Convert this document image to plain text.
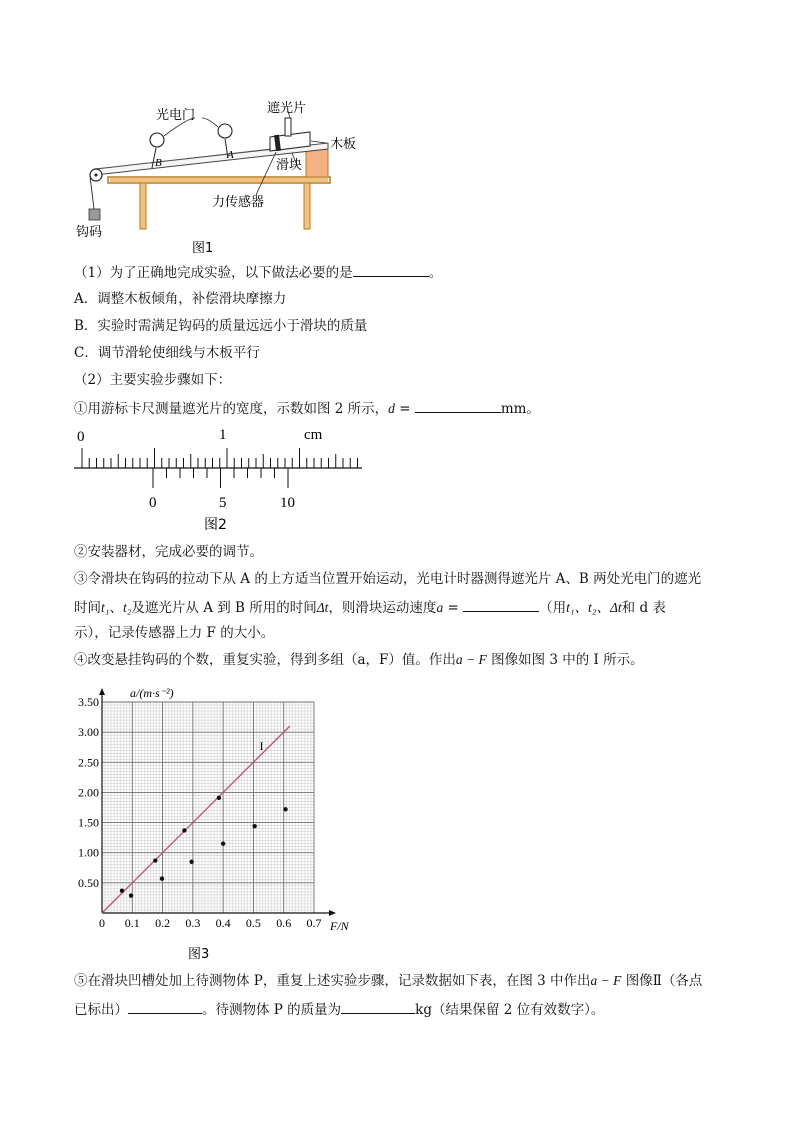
光电门	遮光片
木板
滑块
力传感器
钩码
B
A
图1
（1）为了正确地完成实验，以下做法必要的是	。
A．调整木板倾角，补偿滑块摩擦力
B．实验时需满足钩码的质量远远小于滑块的质量
C．调节滑轮使细线与木板平行
（2）主要实验步骤如下：
①用游标卡尺测量遮光片的宽度，示数如图 2 所示，d =	mm。
0	1	cm
0	5	10
图2
②安装器材，完成必要的调节。
③令滑块在钩码的拉动下从 A 的上方适当位置开始运动，光电计时器测得遮光片 A、B 两处光电门的遮光
时间t₁、t₂及遮光片从 A 到 B 所用的时间Δt，则滑块运动速度a =	（用t₁、t₂、Δt和 d 表
示），记录传感器上力 F 的大小。
④改变悬挂钩码的个数，重复实验，得到多组（a，F）值。作出a − F 图像如图 3 中的 I 所示。
0 0.1 0.2 0.3 0.4 0.5 0.6 0.7
0.50
1.00
1.50
2.00
2.50
3.00
3.50
I
a/(m·s⁻²)
F/N
图3
⑤在滑块凹槽处加上待测物体 P，重复上述实验步骤，记录数据如下表，在图 3 中作出a − F 图像Ⅱ（各点
已标出）	。待测物体 P 的质量为	kg（结果保留 2 位有效数字）。
